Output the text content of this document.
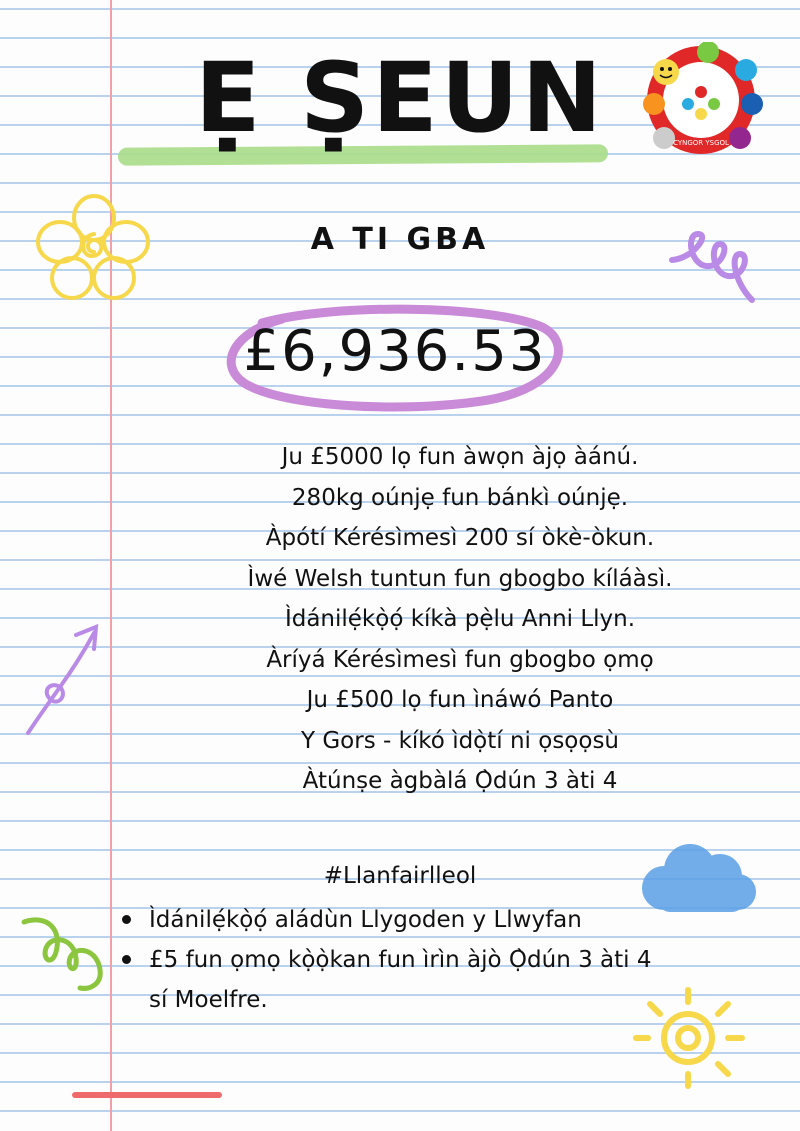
Ẹ ṢEUN	CYNGOR YSGOL
A TI GBA
£6,936.53
Ju £5000 lọ fun àwọn àjọ àánú.
280kg oúnjẹ fun bánkì oúnjẹ.
Àpótí Kérésìmesì 200 sí òkè-òkun.
Ìwé Welsh tuntun fun gbogbo kíláàsì.
Ìdánilẹ́kọ̀ọ́ kíkà pẹ̀lu Anni Llyn.
Àríyá Kérésìmesì fun gbogbo ọmọ
Ju £500 lọ fun ìnáwó Panto
Y Gors - kíkó ìdọ̀tí ni ọsọọsù
Àtúnṣe àgbàlá Ọ̀dún 3 àti 4
#Llanfairlleol
Ìdánilẹ́kọ̀ọ́ aládùn Llygoden y Llwyfan
£5 fun ọmọ kọ̀ọ̀kan fun ìrìn àjò Ọ̀dún 3 àti 4
sí Moelfre.
